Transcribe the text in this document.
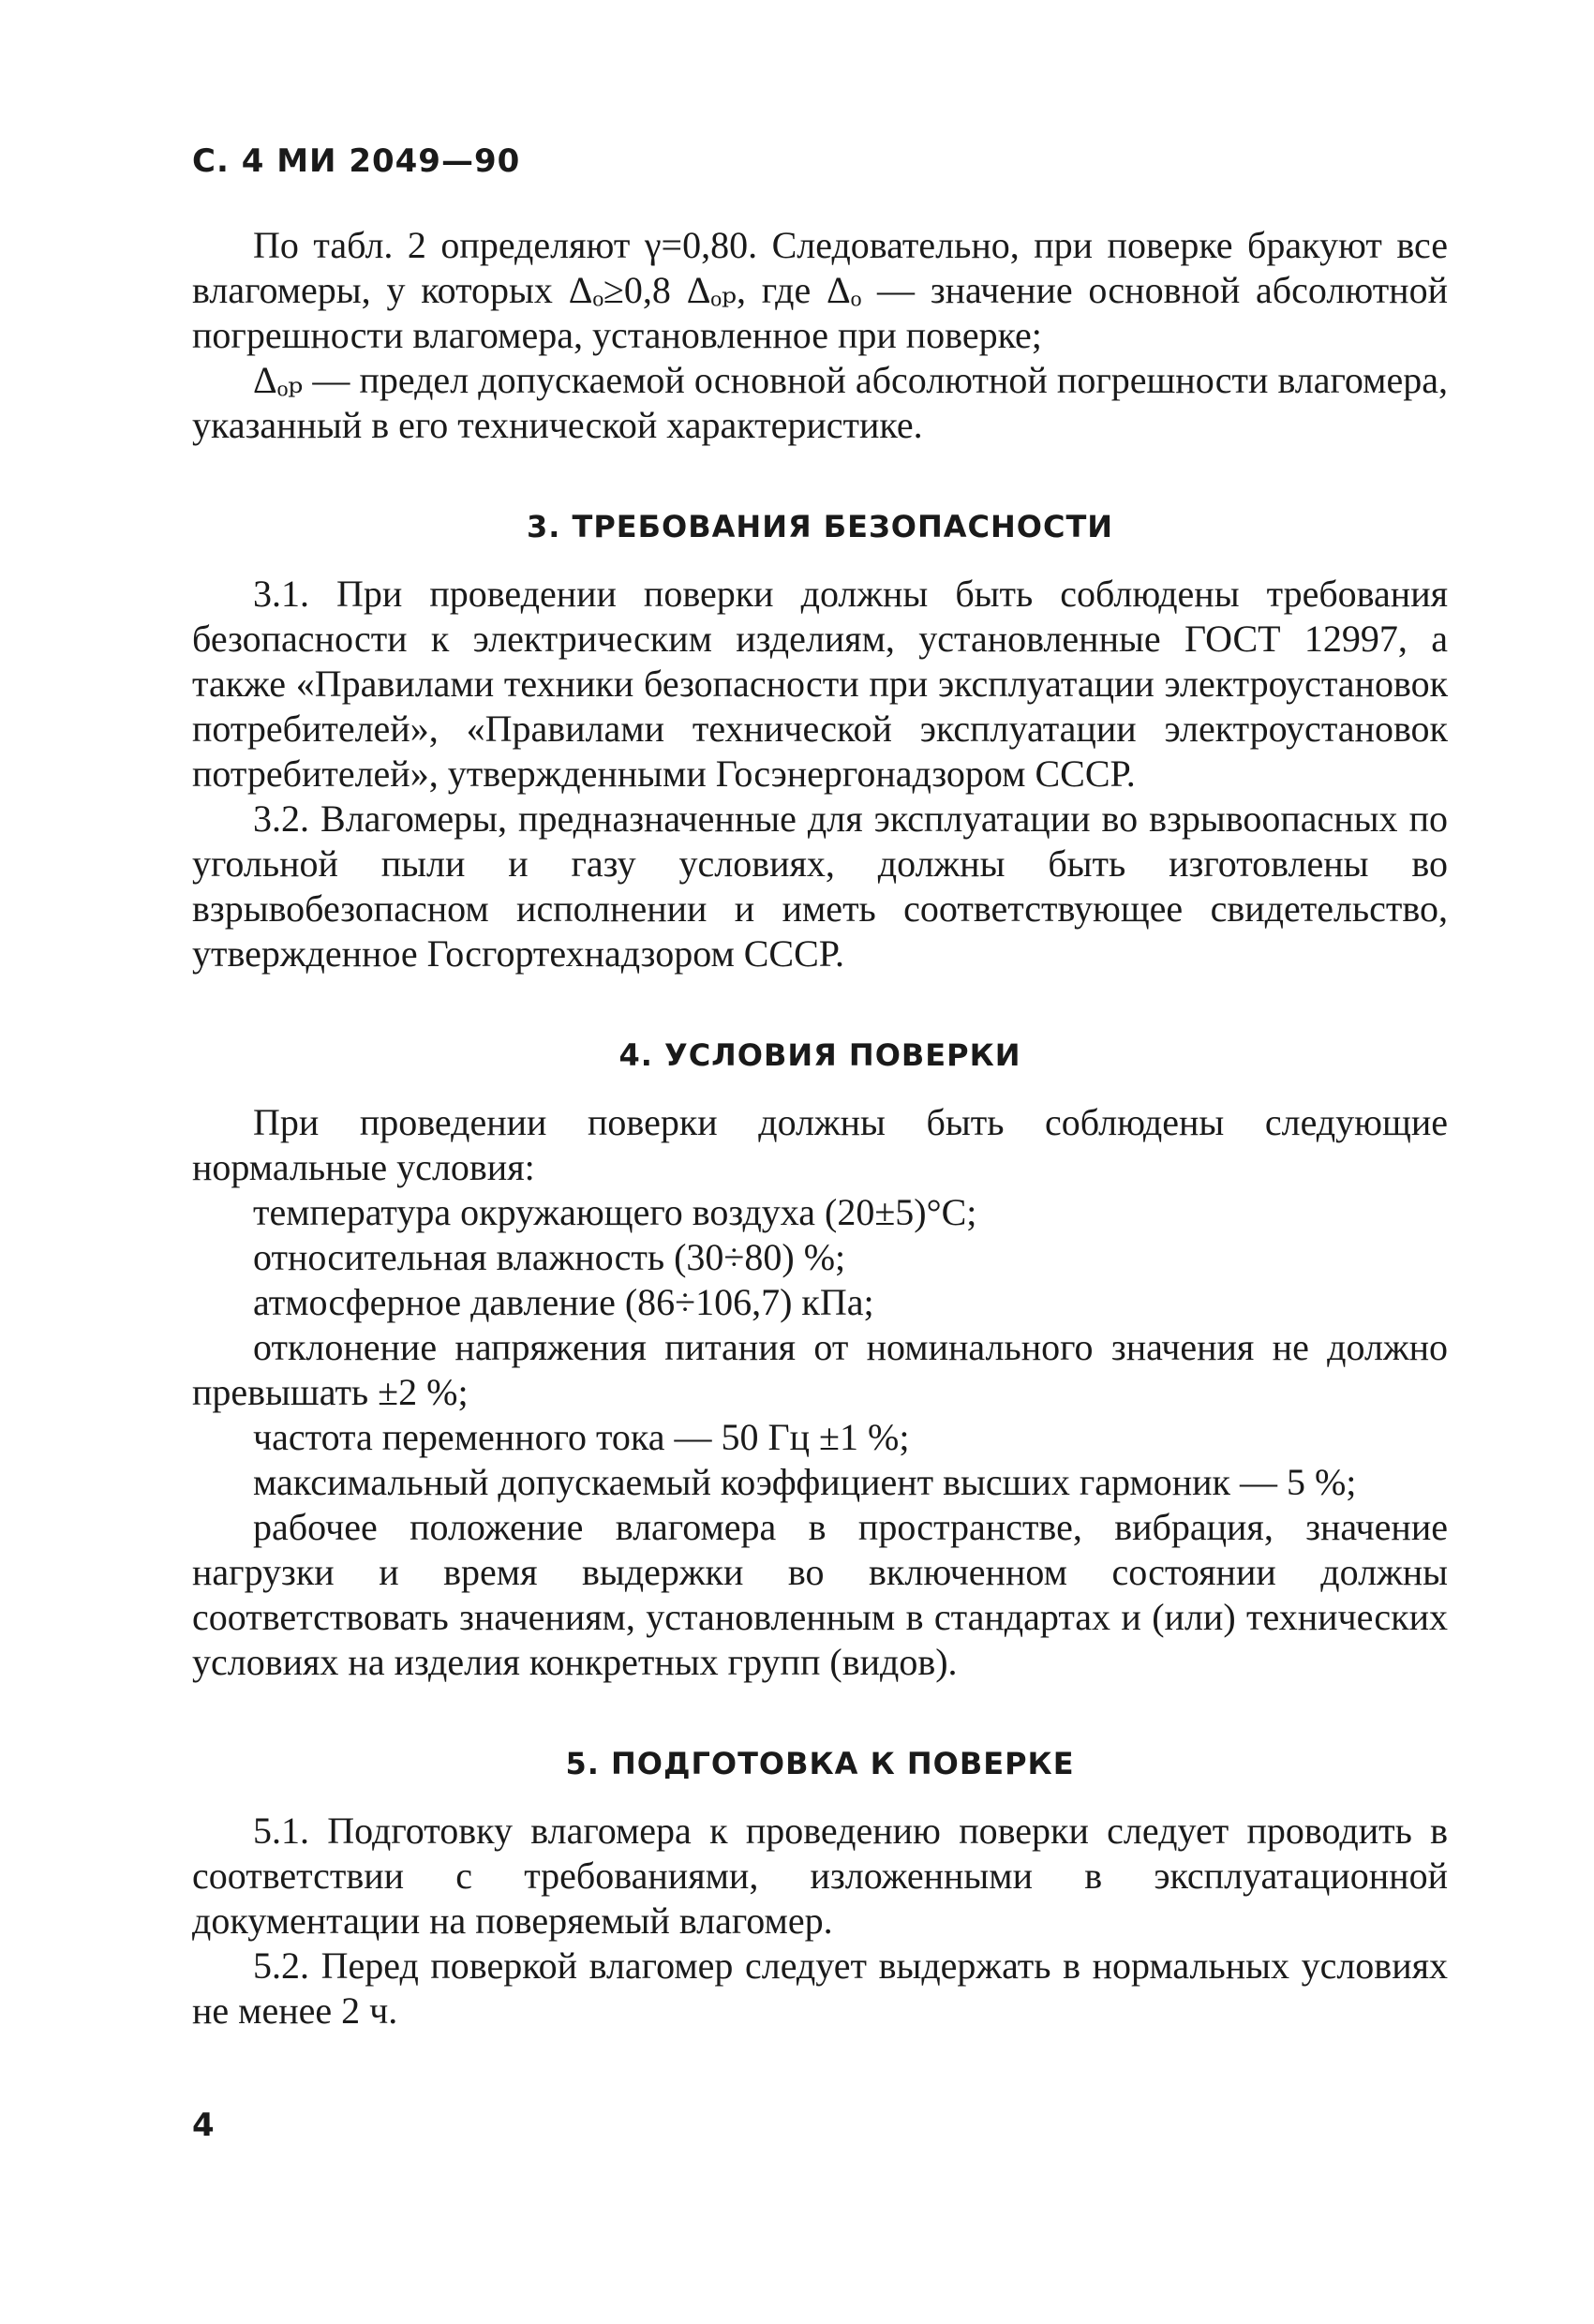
С. 4 МИ 2049—90

По табл. 2 определяют γ=0,80. Следовательно, при поверке бракуют все влагомеры, у которых Δₒ≥0,8 Δₒₚ, где Δₒ — значение основной абсолютной погрешности влагомера, установленное при поверке;

Δₒₚ — предел допускаемой основной абсолютной погрешности влагомера, указанный в его технической характеристике.

3. ТРЕБОВАНИЯ БЕЗОПАСНОСТИ

3.1. При проведении поверки должны быть соблюдены требования безопасности к электрическим изделиям, установленные ГОСТ 12997, а также «Правилами техники безопасности при эксплуатации электроустановок потребителей», «Правилами технической эксплуатации электроустановок потребителей», утвержденными Госэнергонадзором СССР.

3.2. Влагомеры, предназначенные для эксплуатации во взрывоопасных по угольной пыли и газу условиях, должны быть изготовлены во взрывобезопасном исполнении и иметь соответствующее свидетельство, утвержденное Госгортехнадзором СССР.

4. УСЛОВИЯ ПОВЕРКИ

При проведении поверки должны быть соблюдены следующие нормальные условия:

температура окружающего воздуха (20±5)°С;

относительная влажность (30÷80) %;

атмосферное давление (86÷106,7) кПа;

отклонение напряжения питания от номинального значения не должно превышать ±2 %;

частота переменного тока — 50 Гц ±1 %;

максимальный допускаемый коэффициент высших гармоник — 5 %;

рабочее положение влагомера в пространстве, вибрация, значение нагрузки и время выдержки во включенном состоянии должны соответствовать значениям, установленным в стандартах и (или) технических условиях на изделия конкретных групп (видов).

5. ПОДГОТОВКА К ПОВЕРКЕ

5.1. Подготовку влагомера к проведению поверки следует проводить в соответствии с требованиями, изложенными в эксплуатационной документации на поверяемый влагомер.

5.2. Перед поверкой влагомер следует выдержать в нормальных условиях не менее 2 ч.

4
